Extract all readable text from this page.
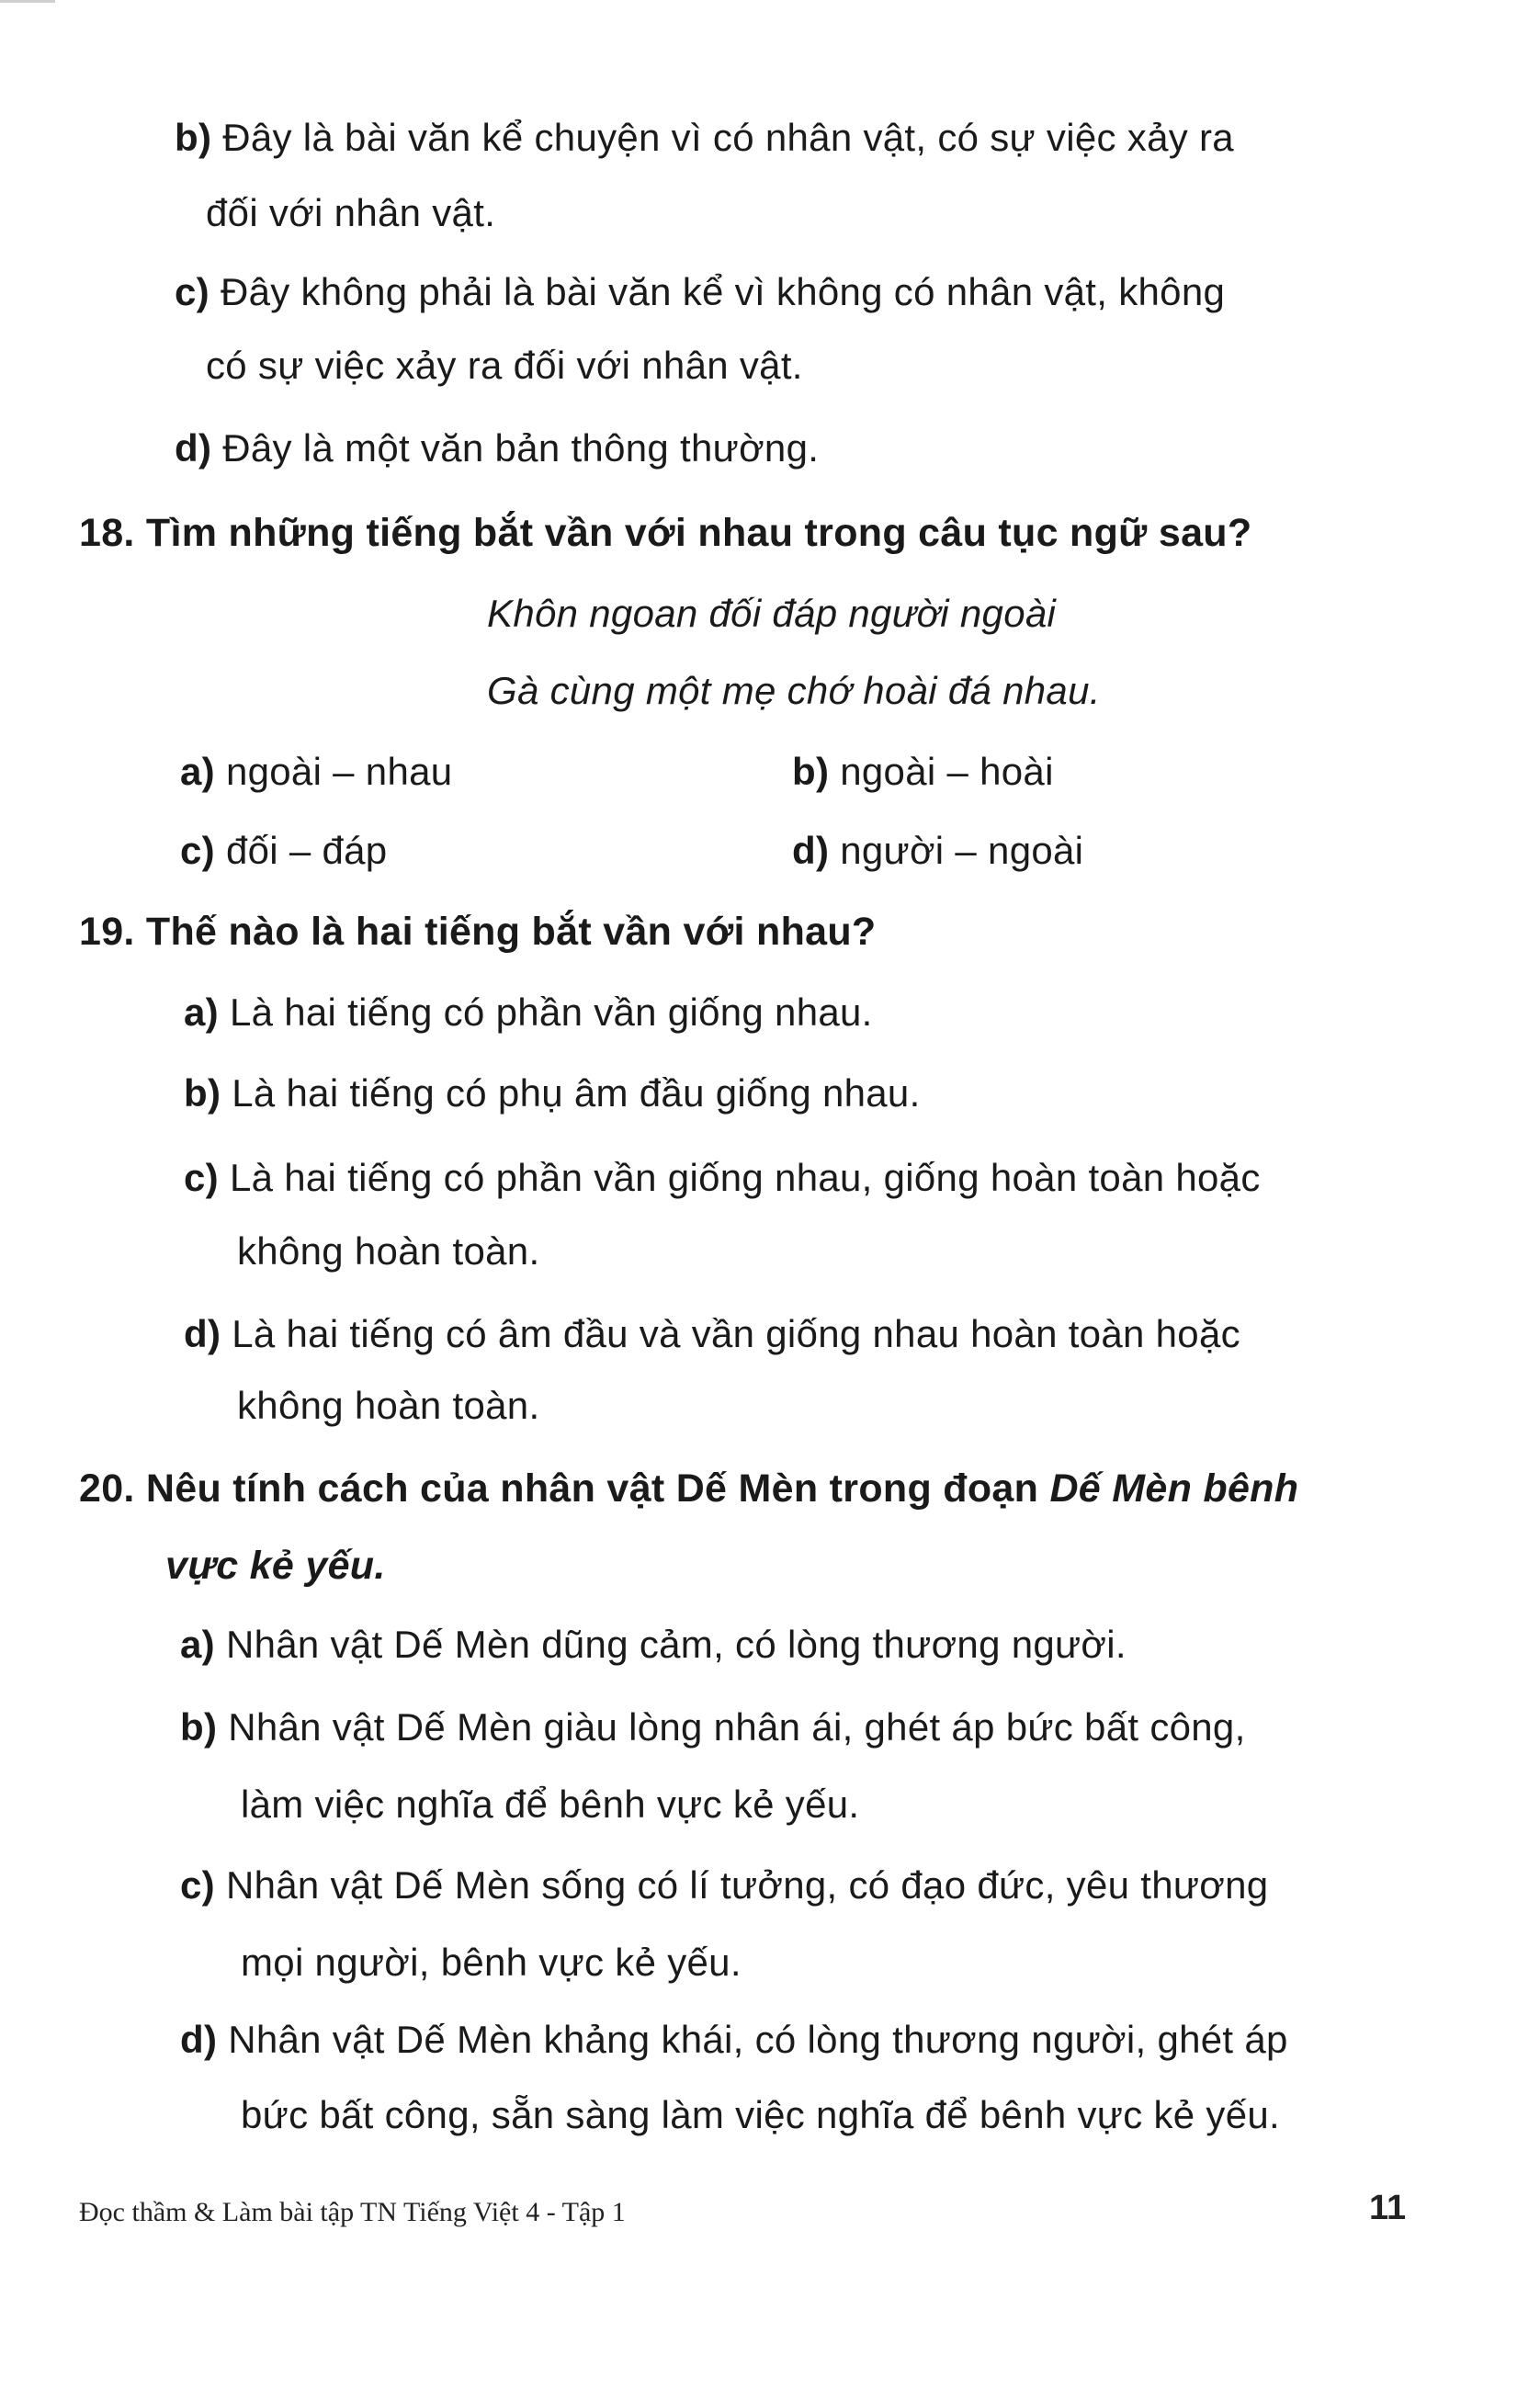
b) Đây là bài văn kể chuyện vì có nhân vật, có sự việc xảy ra
đối với nhân vật.
c) Đây không phải là bài văn kể vì không có nhân vật, không
có sự việc xảy ra đối với nhân vật.
d) Đây là một văn bản thông thường.
18. Tìm những tiếng bắt vần với nhau trong câu tục ngữ sau?
Khôn ngoan đối đáp người ngoài
Gà cùng một mẹ chớ hoài đá nhau.
a) ngoài – nhau	b) ngoài – hoài
c) đối – đáp	d) người – ngoài
19. Thế nào là hai tiếng bắt vần với nhau?
a) Là hai tiếng có phần vần giống nhau.
b) Là hai tiếng có phụ âm đầu giống nhau.
c) Là hai tiếng có phần vần giống nhau, giống hoàn toàn hoặc
không hoàn toàn.
d) Là hai tiếng có âm đầu và vần giống nhau hoàn toàn hoặc
không hoàn toàn.
20. Nêu tính cách của nhân vật Dế Mèn trong đoạn Dế Mèn bênh
vực kẻ yếu.
a) Nhân vật Dế Mèn dũng cảm, có lòng thương người.
b) Nhân vật Dế Mèn giàu lòng nhân ái, ghét áp bức bất công,
làm việc nghĩa để bênh vực kẻ yếu.
c) Nhân vật Dế Mèn sống có lí tưởng, có đạo đức, yêu thương
mọi người, bênh vực kẻ yếu.
d) Nhân vật Dế Mèn khảng khái, có lòng thương người, ghét áp
bức bất công, sẵn sàng làm việc nghĩa để bênh vực kẻ yếu.
Đọc thầm & Làm bài tập TN Tiếng Việt 4 - Tập 1	11
